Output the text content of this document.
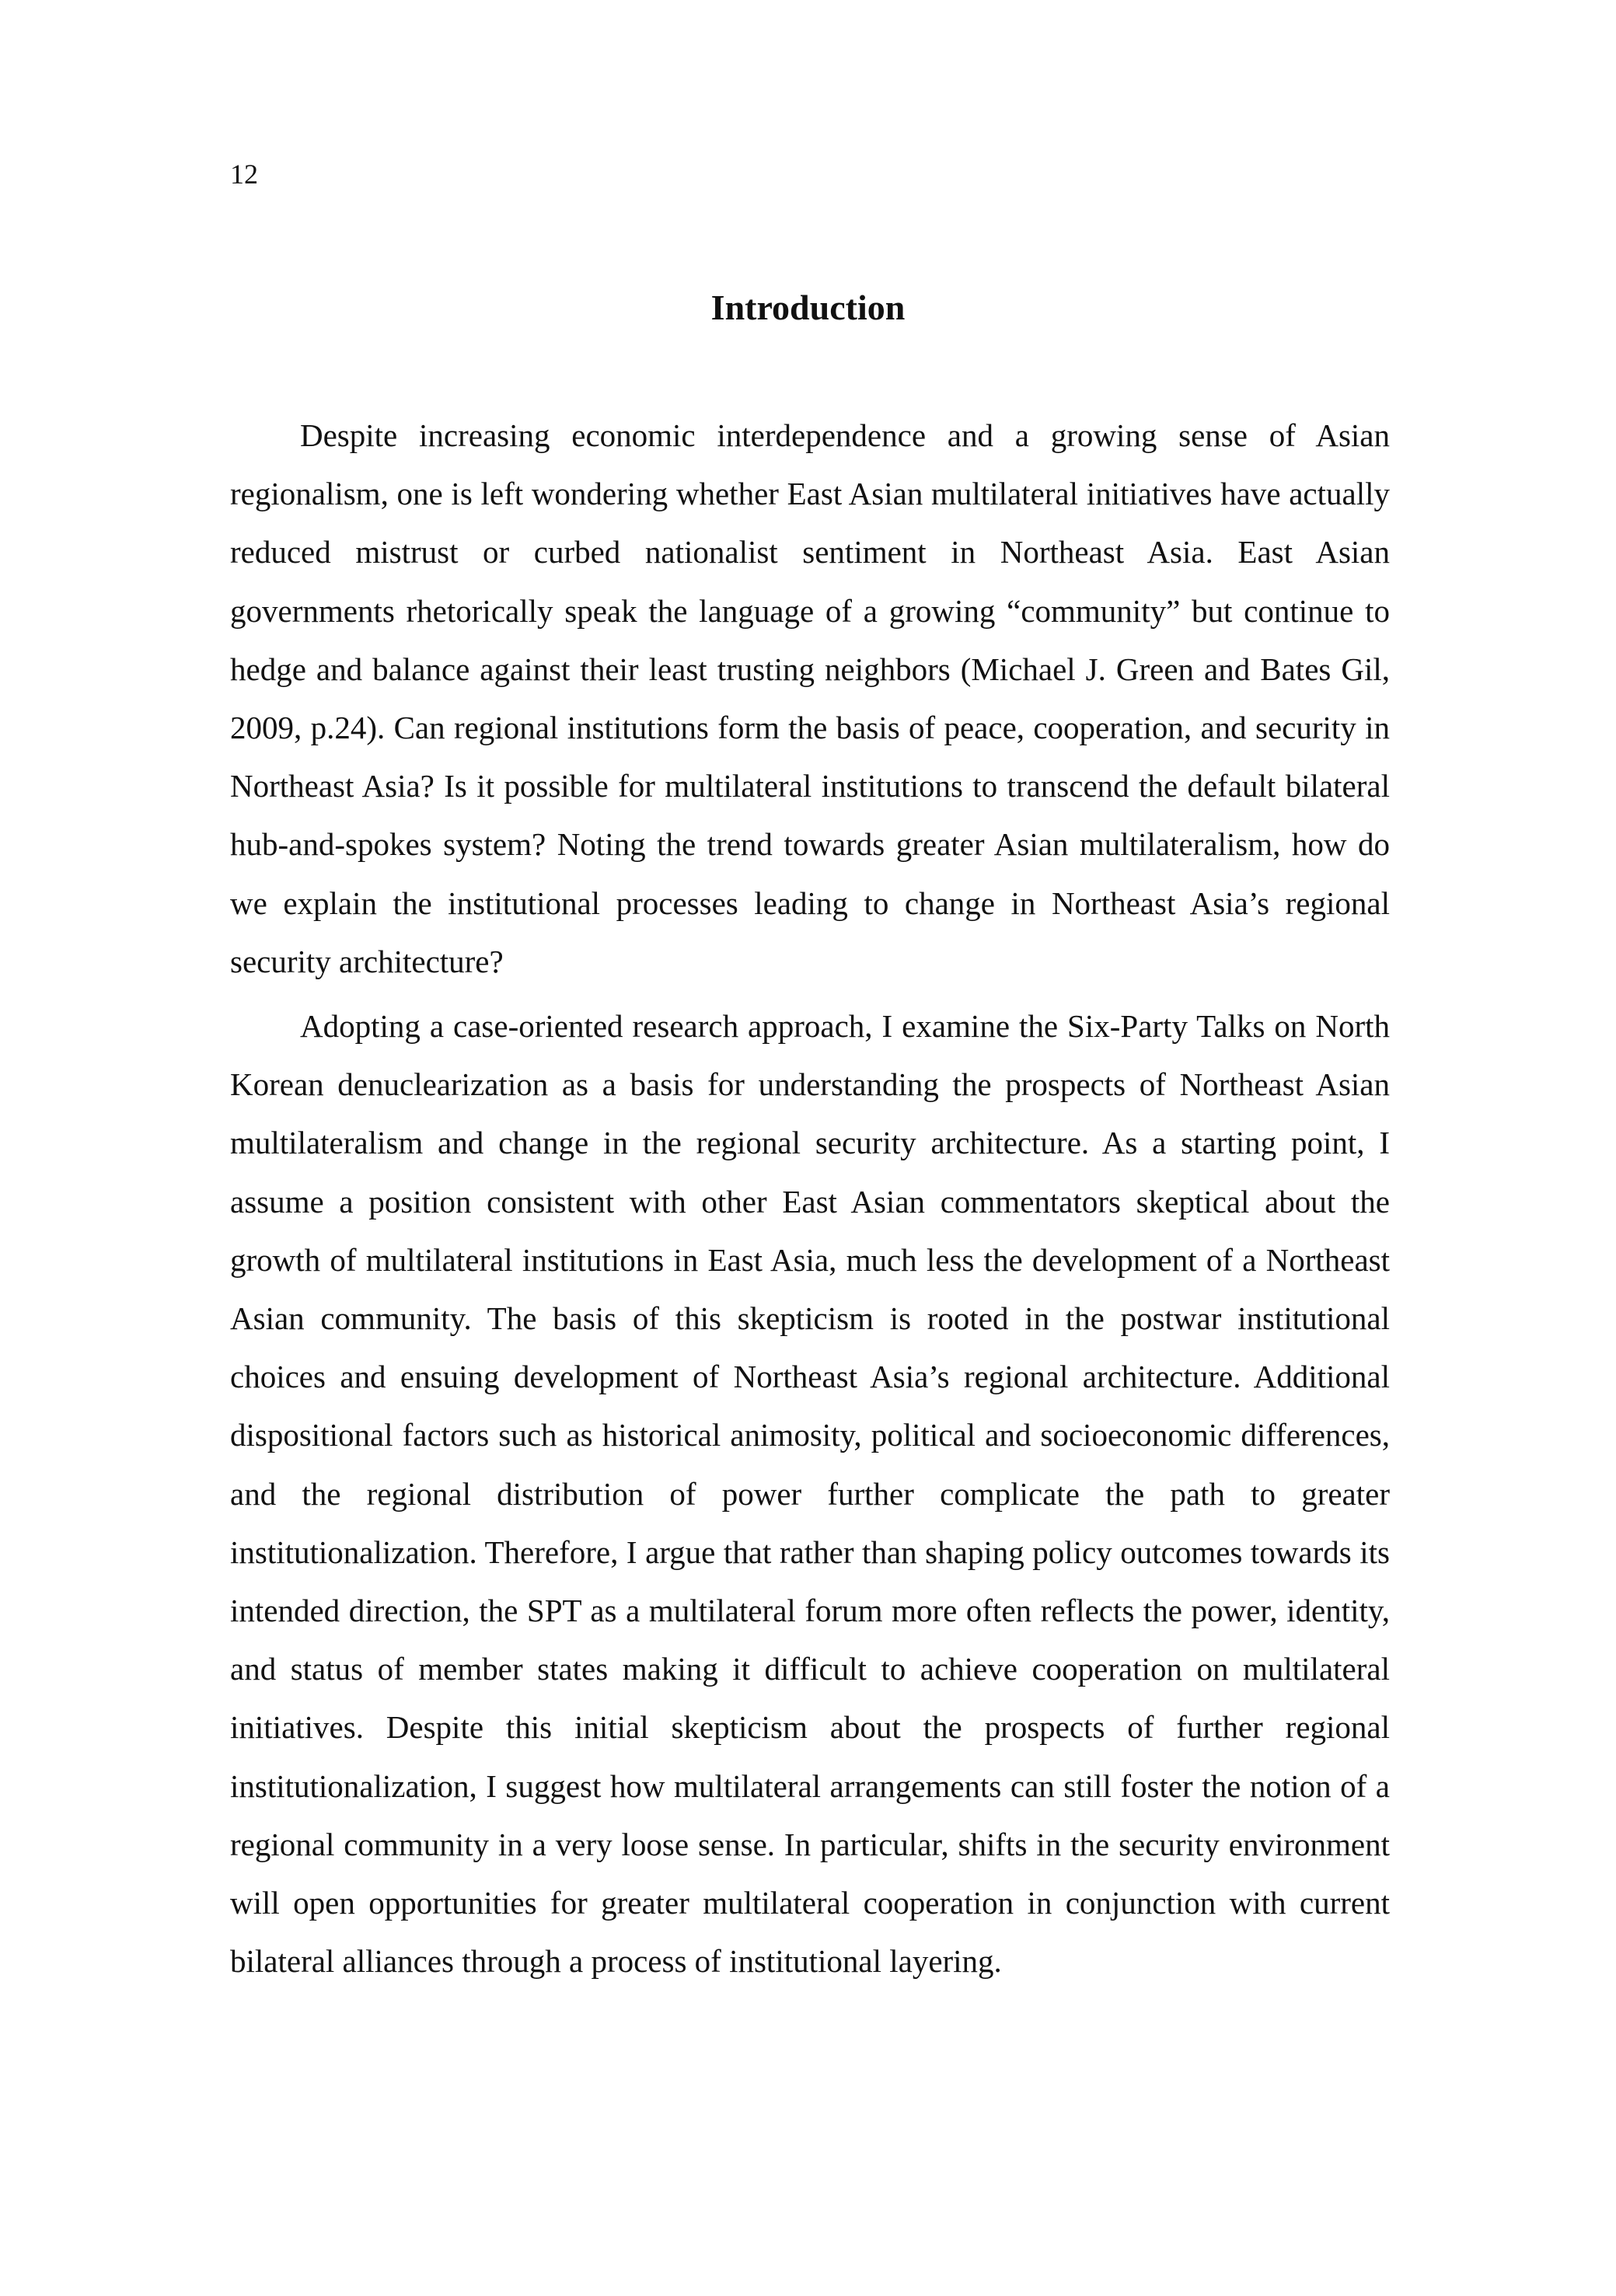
12
Introduction

Despite increasing economic interdependence and a growing sense of Asian regionalism, one is left wondering whether East Asian multilateral initiatives have actually reduced mistrust or curbed nationalist sentiment in Northeast Asia. East Asian governments rhetorically speak the language of a growing “community” but continue to hedge and balance against their least trusting neighbors (Michael J. Green and Bates Gil, 2009, p.24). Can regional institutions form the basis of peace, cooperation, and security in Northeast Asia? Is it possible for multilateral institutions to transcend the default bilateral hub-and-spokes system? Noting the trend towards greater Asian multilateralism, how do we explain the institutional processes leading to change in Northeast Asia’s regional security architecture?

Adopting a case-oriented research approach, I examine the Six-Party Talks on North Korean denuclearization as a basis for understanding the prospects of Northeast Asian multilateralism and change in the regional security architecture. As a starting point, I assume a position consistent with other East Asian commentators skeptical about the growth of multilateral institutions in East Asia, much less the development of a Northeast Asian community. The basis of this skepticism is rooted in the postwar institutional choices and ensuing development of Northeast Asia’s regional architecture. Additional dispositional factors such as historical animosity, political and socioeconomic differences, and the regional distribution of power further complicate the path to greater institutionalization. Therefore, I argue that rather than shaping policy outcomes towards its intended direction, the SPT as a multilateral forum more often reflects the power, identity, and status of member states making it difficult to achieve cooperation on multilateral initiatives. Despite this initial skepticism about the prospects of further regional institutionalization, I suggest how multilateral arrangements can still foster the notion of a regional community in a very loose sense. In particular, shifts in the security environment will open opportunities for greater multilateral cooperation in conjunction with current bilateral alliances through a process of institutional layering.
